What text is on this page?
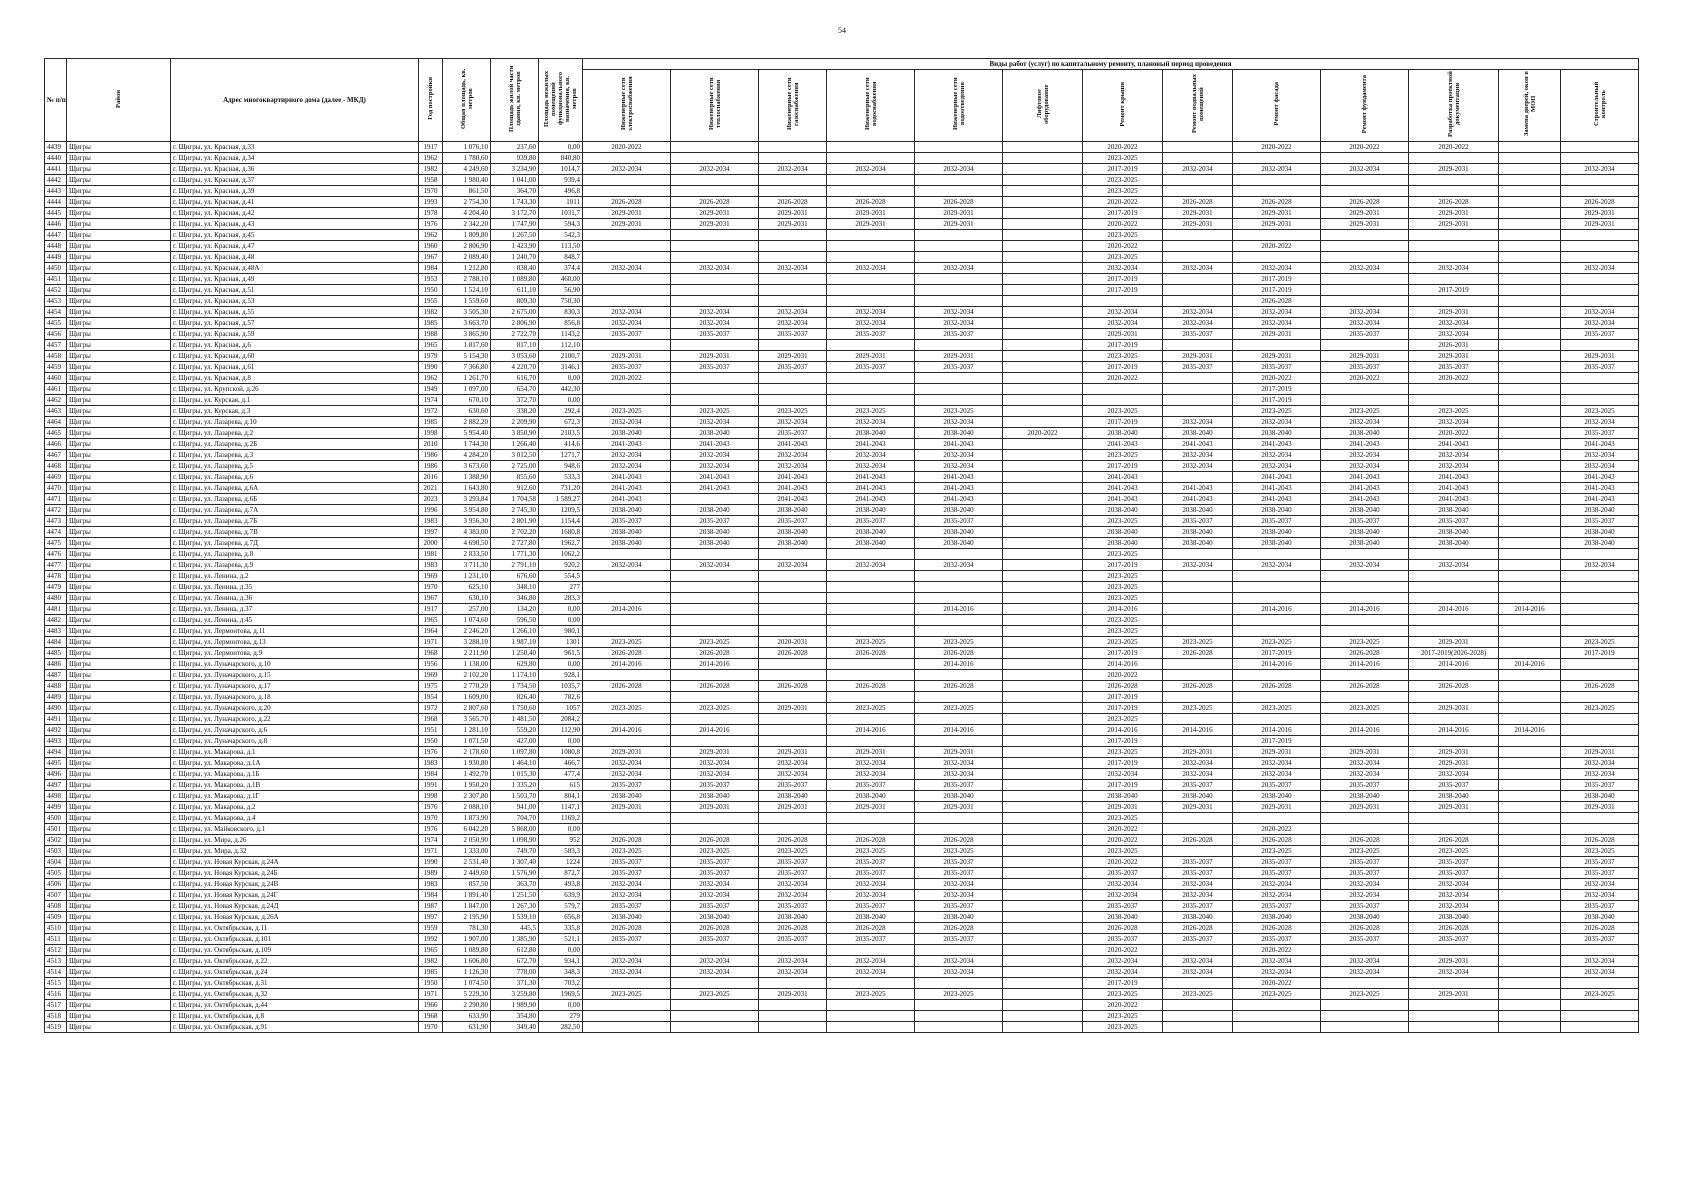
54
№ п/п	Район	Адрес многоквартирного дома (далее - МКД)	Год постройки	Общая площадь, кв. метров	Площадь жилой части здания, кв. метров	Площадь нежилых помещений функционального назначения, кв. метров	Виды работ (услуг) по капитальному ремонту, плановый период проведения												
							Инженерные сети электроснабжения	Инженерные сети теплоснабжения	Инженерные сети газоснабжения	Инженерные сети водоснабжения	Инженерные сети водоотведения	Лифтовое оборудование	Ремонт крыши	Ремонт подвальных помещений	Ремонт фасада	Ремонт фундамента	Разработка проектной документации	Замена дверей, окон в МОП	Строительный контроль
4439	Щигры	г. Щигры, ул. Красная, д.33	1917	1 076,10	237,60	0,00	2020-2022						2020-2022		2020-2022	2020-2022	2020-2022		
4440	Щигры	г. Щигры, ул. Красная, д.34	1962	1 780,60	939,80	840,80							2023-2025						
4441	Щигры	г. Щигры, ул. Красная, д.36	1982	4 249,60	3 234,90	1014,7	2032-2034	2032-2034	2032-2034	2032-2034	2032-2034		2017-2019	2032-2034	2032-2034	2032-2034	2029-2031		2032-2034
4442	Щигры	г. Щигры, ул. Красная, д.37	1958	1 980,40	1 041,00	939,4							2023-2025						
4443	Щигры	г. Щигры, ул. Красная, д.39	1970	861,50	364,70	496,8							2023-2025						
4444	Щигры	г. Щигры, ул. Красная, д.41	1993	2 754,30	1 743,30	1011	2026-2028	2026-2028	2026-2028	2026-2028	2026-2028		2020-2022	2026-2028	2026-2028	2026-2028	2026-2028		2026-2028
4445	Щигры	г. Щигры, ул. Красная, д.42	1978	4 204,40	3 172,70	1031,7	2029-2031	2029-2031	2029-2031	2029-2031	2029-2031		2017-2019	2029-2031	2029-2031	2029-2031	2029-2031		2029-2031
4446	Щигры	г. Щигры, ул. Красная, д.43	1976	2 342,20	1 747,90	594,3	2029-2031	2029-2031	2029-2031	2029-2031	2029-2031		2020-2022	2029-2031	2029-2031	2029-2031	2029-2031		2029-2031
4447	Щигры	г. Щигры, ул. Красная, д.45	1962	1 809,80	1 267,50	542,3							2023-2025						
4448	Щигры	г. Щигры, ул. Красная, д.47	1960	2 806,90	1 423,90	113,50							2020-2022		2020-2022				
4449	Щигры	г. Щигры, ул. Красная, д.48	1967	2 089,40	1 240,70	848,7							2023-2025						
4450	Щигры	г. Щигры, ул. Красная, д.48А	1984	1 212,80	838,40	374,4	2032-2034	2032-2034	2032-2034	2032-2034	2032-2034		2032-2034	2032-2034	2032-2034	2032-2034	2032-2034		2032-2034
4451	Щигры	г. Щигры, ул. Красная, д.49	1953	2 788,10	1 089,80	460,00							2017-2019		2017-2019				
4452	Щигры	г. Щигры, ул. Красная, д.51	1950	1 524,10	611,10	56,90							2017-2019		2017-2019		2017-2019		
4453	Щигры	г. Щигры, ул. Красная, д.53	1955	1 559,60	809,30	750,30									2026-2028				
4454	Щигры	г. Щигры, ул. Красная, д.55	1982	3 505,30	2 675,00	830,3	2032-2034	2032-2034	2032-2034	2032-2034	2032-2034		2032-2034	2032-2034	2032-2034	2032-2034	2029-2031		2032-2034
4455	Щигры	г. Щигры, ул. Красная, д.57	1985	3 663,70	2 806,90	856,8	2032-2034	2032-2034	2032-2034	2032-2034	2032-2034		2032-2034	2032-2034	2032-2034	2032-2034	2032-2034		2032-2034
4456	Щигры	г. Щигры, ул. Красная, д.59	1988	3 865,90	2 722,70	1143,2	2035-2037	2035-2037	2035-2037	2035-2037	2035-2037		2029-2031	2035-2037	2029-2031	2035-2037	2032-2034		2035-2037
4457	Щигры	г. Щигры, ул. Красная, д.6	1965	1 817,60	817,10	112,10							2017-2019				2026-2031		
4458	Щигры	г. Щигры, ул. Красная, д.60	1979	5 154,30	3 053,60	2100,7	2029-2031	2029-2031	2029-2031	2029-2031	2029-2031		2023-2025	2029-2031	2029-2031	2029-2031	2029-2031		2029-2031
4459	Щигры	г. Щигры, ул. Красная, д.61	1990	7 366,80	4 220,70	3146,1	2035-2037	2035-2037	2035-2037	2035-2037	2035-2037		2017-2019	2035-2037	2035-2037	2035-2037	2035-2037		2035-2037
4460	Щигры	г. Щигры, ул. Красная, д.8	1962	1 261,70	616,70	0,00	2020-2022						2020-2022		2020-2022	2020-2022	2020-2022		
4461	Щигры	г. Щигры, ул. Крупской, д.26	1949	1 097,00	654,70	442,30									2017-2019				
4462	Щигры	г. Щигры, ул. Курская, д.1	1974	670,10	372,70	0,00									2017-2019				
4463	Щигры	г. Щигры, ул. Курская, д.3	1972	630,60	338,20	292,4	2023-2025	2023-2025	2023-2025	2023-2025	2023-2025		2023-2025		2023-2025	2023-2025	2023-2025		2023-2025
4464	Щигры	г. Щигры, ул. Лазарева, д.10	1985	2 882,20	2 209,90	672,3	2032-2034	2032-2034	2032-2034	2032-2034	2032-2034		2017-2019	2032-2034	2032-2034	2032-2034	2032-2034		2032-2034
4465	Щигры	г. Щигры, ул. Лазарева, д.2	1998	5 954,40	3 850,90	2103,5	2038-2040	2038-2040	2035-2037	2038-2040	2038-2040	2020-2022	2038-2040	2038-2040	2038-2040	2038-2040	2020-2022		2035-2037
4466	Щигры	г. Щигры, ул. Лазарева, д.2Б	2010	1 744,30	1 266,40	414,6	2041-2043	2041-2043	2041-2043	2041-2043	2041-2043		2041-2043	2041-2043	2041-2043	2041-2043	2041-2043		2041-2043
4467	Щигры	г. Щигры, ул. Лазарева, д.3	1986	4 284,20	3 012,50	1271,7	2032-2034	2032-2034	2032-2034	2032-2034	2032-2034		2023-2025	2032-2034	2032-2034	2032-2034	2032-2034		2032-2034
4468	Щигры	г. Щигры, ул. Лазарева, д.5	1986	3 673,60	2 725,00	948,6	2032-2034	2032-2034	2032-2034	2032-2034	2032-2034		2017-2019	2032-2034	2032-2034	2032-2034	2032-2034		2032-2034
4469	Щигры	г. Щигры, ул. Лазарева, д.6	2016	1 388,90	855,60	533,3	2041-2043	2041-2043	2041-2043	2041-2043	2041-2043		2041-2043		2041-2043	2041-2043	2041-2043		2041-2043
4470	Щигры	г. Щигры, ул. Лазарева, д.6А	2021	1 643,80	912,60	731,20	2041-2043	2041-2043	2041-2043	2041-2043	2041-2043		2041-2043	2041-2043	2041-2043	2041-2043	2041-2043		2041-2043
4471	Щигры	г. Щигры, ул. Лазарева, д.6Б	2023	3 293,84	1 704,58	1 589,27	2041-2043		2041-2043	2041-2043	2041-2043		2041-2043	2041-2043	2041-2043	2041-2043	2041-2043		2041-2043
4472	Щигры	г. Щигры, ул. Лазарева, д.7А	1996	3 954,80	2 745,30	1209,5	2038-2040	2038-2040	2038-2040	2038-2040	2038-2040		2038-2040	2038-2040	2038-2040	2038-2040	2038-2040		2038-2040
4473	Щигры	г. Щигры, ул. Лазарева, д.7Б	1983	3 956,30	2 801,90	1154,4	2035-2037	2035-2037	2035-2037	2035-2037	2035-2037		2023-2025	2035-2037	2035-2037	2035-2037	2035-2037		2035-2037
4474	Щигры	г. Щигры, ул. Лазарева, д.7В	1997	4 383,00	2 702,20	1680,8	2038-2040	2038-2040	2038-2040	2038-2040	2038-2040		2038-2040	2038-2040	2038-2040	2038-2040	2038-2040		2038-2040
4475	Щигры	г. Щигры, ул. Лазарева, д.7Д	2000	4 690,50	2 727,80	1962,7	2038-2040	2038-2040	2038-2040	2038-2040	2038-2040		2038-2040	2038-2040	2038-2040	2038-2040	2038-2040		2038-2040
4476	Щигры	г. Щигры, ул. Лазарева, д.8	1981	2 833,50	1 771,30	1062,2							2023-2025						
4477	Щигры	г. Щигры, ул. Лазарева, д.9	1983	3 711,30	2 791,10	920,2	2032-2034	2032-2034	2032-2034	2032-2034	2032-2034		2017-2019	2032-2034	2032-2034	2032-2034	2032-2034		2032-2034
4478	Щигры	г. Щигры, ул. Ленина, д.2	1969	1 231,10	676,60	554,5							2023-2025						
4479	Щигры	г. Щигры, ул. Ленина, д.35	1970	625,10	348,10	277							2023-2025						
4480	Щигры	г. Щигры, ул. Ленина, д.36	1967	630,10	346,80	283,3							2023-2025						
4481	Щигры	г. Щигры, ул. Ленина, д.37	1917	257,00	134,20	0,00	2014-2016				2014-2016		2014-2016		2014-2016	2014-2016	2014-2016	2014-2016	
4482	Щигры	г. Щигры, ул. Ленина, д.45	1965	1 074,60	596,50	0,00							2023-2025						
4483	Щигры	г. Щигры, ул. Лермонтова, д.11	1964	2 246,20	1 266,10	980,1							2023-2025						
4484	Щигры	г. Щигры, ул. Лермонтова, д.13	1971	3 288,10	1 987,10	1301	2023-2025	2023-2025	2020-2031	2023-2025	2023-2025		2023-2025	2023-2025	2023-2025	2023-2025	2029-2031		2023-2025
4485	Щигры	г. Щигры, ул. Лермонтова, д.9	1968	2 211,90	1 250,40	961,5	2026-2028	2026-2028	2026-2028	2026-2028	2026-2028		2017-2019	2026-2028	2017-2019	2026-2028	2017-2019(2026-2028)		2017-2019
4486	Щигры	г. Щигры, ул. Луначарского, д.10	1956	1 138,00	629,80	0,00	2014-2016	2014-2016			2014-2016		2014-2016		2014-2016	2014-2016	2014-2016	2014-2016	
4487	Щигры	г. Щигры, ул. Луначарского, д.15	1969	2 102,20	1 174,10	928,1							2020-2022						
4488	Щигры	г. Щигры, ул. Луначарского, д.17	1975	2 770,20	1 734,50	1035,7	2026-2028	2026-2028	2026-2028	2026-2028	2026-2028		2026-2028	2026-2028	2026-2028	2026-2028	2026-2028		2026-2028
4489	Щигры	г. Щигры, ул. Луначарского, д.18	1954	1 609,00	826,40	782,6							2017-2019						
4490	Щигры	г. Щигры, ул. Луначарского, д.20	1972	2 807,60	1 750,60	1057	2023-2025	2023-2025	2029-2031	2023-2025	2023-2025		2017-2019	2023-2025	2023-2025	2023-2025	2029-2031		2023-2025
4491	Щигры	г. Щигры, ул. Луначарского, д.22	1968	3 565,70	1 481,50	2084,2							2023-2025						
4492	Щигры	г. Щигры, ул. Луначарского, д.6	1951	1 281,10	559,20	112,90	2014-2016	2014-2016		2014-2016	2014-2016		2014-2016	2014-2016	2014-2016	2014-2016	2014-2016	2014-2016	
4493	Щигры	г. Щигры, ул. Луначарского, д.8	1950	1 071,50	427,00	0,00							2017-2019		2017-2019				
4494	Щигры	г. Щигры, ул. Макарова, д.1	1976	2 178,60	1 097,80	1080,8	2029-2031	2029-2031	2029-2031	2029-2031	2029-2031		2023-2025	2029-2031	2029-2031	2029-2031	2029-2031		2029-2031
4495	Щигры	г. Щигры, ул. Макарова, д.1А	1983	1 930,80	1 464,10	466,7	2032-2034	2032-2034	2032-2034	2032-2034	2032-2034		2017-2019	2032-2034	2032-2034	2032-2034	2029-2031		2032-2034
4496	Щигры	г. Щигры, ул. Макарова, д.1Б	1984	1 492,70	1 015,30	477,4	2032-2034	2032-2034	2032-2034	2032-2034	2032-2034		2032-2034	2032-2034	2032-2034	2032-2034	2032-2034		2032-2034
4497	Щигры	г. Щигры, ул. Макарова, д.1В	1991	1 950,20	1 335,20	615	2035-2037	2035-2037	2035-2037	2035-2037	2035-2037		2017-2019	2035-2037	2035-2037	2035-2037	2035-2037		2035-2037
4498	Щигры	г. Щигры, ул. Макарова, д.1Г	1998	2 307,80	1 503,70	804,1	2038-2040	2038-2040	2038-2040	2038-2040	2038-2040		2038-2040	2038-2040	2038-2040	2038-2040	2038-2040		2038-2040
4499	Щигры	г. Щигры, ул. Макарова, д.2	1976	2 088,10	941,00	1147,1	2029-2031	2029-2031	2029-2031	2029-2031	2029-2031		2029-2031	2029-2031	2029-2031	2029-2031	2029-2031		2029-2031
4500	Щигры	г. Щигры, ул. Макарова, д.4	1970	1 873,90	704,70	1169,2							2023-2025						
4501	Щигры	г. Щигры, ул. Майковского, д.1	1976	6 042,20	5 868,00	0,00							2020-2022		2020-2022				
4502	Щигры	г. Щигры, ул. Мира, д.26	1974	2 050,90	1 098,90	952	2026-2028	2026-2028	2026-2028	2026-2028	2026-2028		2020-2022	2026-2028	2026-2028	2026-2028	2026-2028		2026-2028
4503	Щигры	г. Щигры, ул. Мира, д.32	1971	1 333,00	749,70	583,3	2023-2025	2023-2025	2023-2025	2023-2025	2023-2025		2023-2025		2023-2025	2023-2025	2023-2025		2023-2025
4504	Щигры	г. Щигры, ул. Новая Курская, д.24А	1990	2 531,40	1 307,40	1224	2035-2037	2035-2037	2035-2037	2035-2037	2035-2037		2020-2022	2035-2037	2035-2037	2035-2037	2035-2037		2035-2037
4505	Щигры	г. Щигры, ул. Новая Курская, д.24Б	1989	2 449,60	1 576,90	872,7	2035-2037	2035-2037	2035-2037	2035-2037	2035-2037		2035-2037	2035-2037	2035-2037	2035-2037	2035-2037		2035-2037
4506	Щигры	г. Щигры, ул. Новая Курская, д.24В	1983	857,50	363,70	493,8	2032-2034	2032-2034	2032-2034	2032-2034	2032-2034		2032-2034	2032-2034	2032-2034	2032-2034	2032-2034		2032-2034
4507	Щигры	г. Щигры, ул. Новая Курская, д.24Г	1984	1 891,40	1 251,50	639,9	2032-2034	2032-2034	2032-2034	2032-2034	2032-2034		2032-2034	2032-2034	2032-2034	2032-2034	2032-2034		2032-2034
4508	Щигры	г. Щигры, ул. Новая Курская, д.24Д	1987	1 847,00	1 267,30	579,7	2035-2037	2035-2037	2035-2037	2035-2037	2035-2037		2035-2037	2035-2037	2035-2037	2035-2037	2032-2034		2035-2037
4509	Щигры	г. Щигры, ул. Новая Курская, д.26А	1997	2 195,90	1 539,10	656,8	2038-2040	2038-2040	2038-2040	2038-2040	2038-2040		2038-2040	2038-2040	2038-2040	2038-2040	2038-2040		2038-2040
4510	Щигры	г. Щигры, ул. Октябрьская, д.11	1959	781,30	445,5	335,8	2026-2028	2026-2028	2026-2028	2026-2028	2026-2028		2026-2028	2026-2028	2026-2028	2026-2028	2026-2028		2026-2028
4511	Щигры	г. Щигры, ул. Октябрьская, д.101	1992	1 907,00	1 385,90	521,1	2035-2037	2035-2037	2035-2037	2035-2037	2035-2037		2035-2037	2035-2037	2035-2037	2035-2037	2035-2037		2035-2037
4512	Щигры	г. Щигры, ул. Октябрьская, д.109	1965	1 089,80	612,80	0,00							2020-2022		2020-2022				
4513	Щигры	г. Щигры, ул. Октябрьская, д.22	1982	1 606,80	672,70	934,1	2032-2034	2032-2034	2032-2034	2032-2034	2032-2034		2032-2034	2032-2034	2032-2034	2032-2034	2029-2031		2032-2034
4514	Щигры	г. Щигры, ул. Октябрьская, д.24	1985	1 126,30	778,00	348,3	2032-2034	2032-2034	2032-2034	2032-2034	2032-2034		2032-2034	2032-2034	2032-2034	2032-2034	2032-2034		2032-2034
4515	Щигры	г. Щигры, ул. Октябрьская, д.31	1950	1 074,50	371,30	703,2							2017-2019		2020-2022				
4516	Щигры	г. Щигры, ул. Октябрьская, д.32	1971	5 229,30	3 259,80	1969,5	2023-2025	2023-2025	2029-2031	2023-2025	2023-2025		2023-2025	2023-2025	2023-2025	2023-2025	2029-2031		2023-2025
4517	Щигры	г. Щигры, ул. Октябрьская, д.44	1966	2 290,80	1 989,90	0,00							2020-2022						
4518	Щигры	г. Щигры, ул. Октябрьская, д.8	1968	633,90	354,80	279							2023-2025						
4519	Щигры	г. Щигры, ул. Октябрьская, д.91	1970	631,90	349,40	282,50							2023-2025						
